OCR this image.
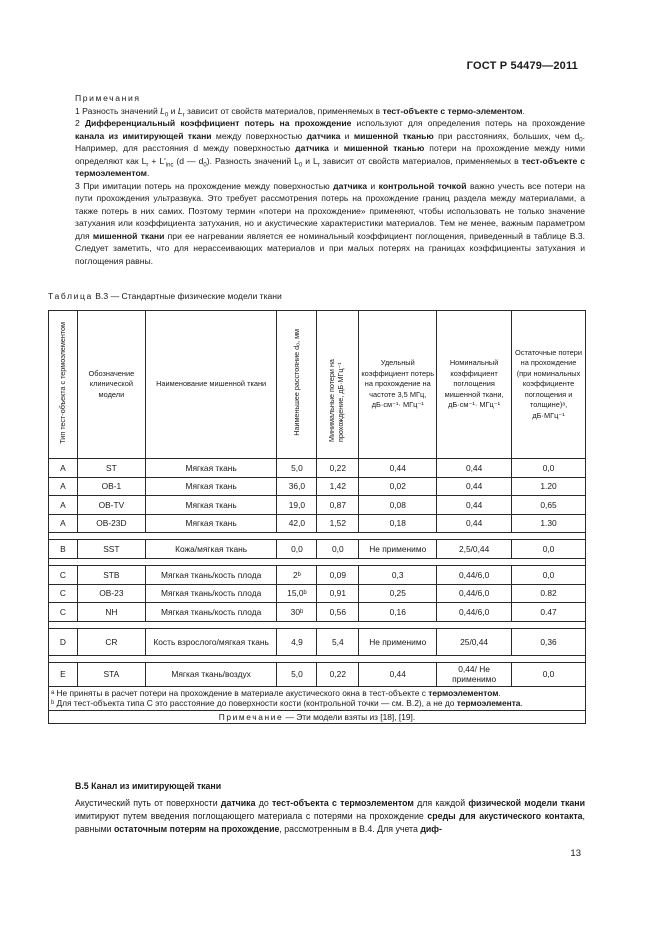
ГОСТ Р 54479—2011

Примечания

1 Разность значений $L_0$ и $L_r$ зависит от свойств материалов, применяемых в тест-объекте с термо-элементом.

2 Дифференциальный коэффициент потерь на прохождение используют для определения потерь на прохождение канала из имитирующей ткани между поверхностью датчика и мишенной тканью при расстояниях, больших, чем $d_0$. Например, для расстояния d между поверхностью датчика и мишенной тканью потери на прохождение между ними определяют как $L_r + L'_{inc}$ (d — $d_0$). Разность значений $L_0$ и $L_r$ зависит от свойств материалов, применяемых в тест-объекте с термоэлементом.

3 При имитации потерь на прохождение между поверхностью датчика и контрольной точкой важно учесть все потери на пути прохождения ультразвука. Это требует рассмотрения потерь на прохождение границ раздела между материалами, а также потерь в них самих. Поэтому термин «потери на прохождение» применяют, чтобы использовать не только значение затухания или коэффициента затухания, но и акустические характеристики материалов. Тем не менее, важным параметром для мишенной ткани при ее нагревании является ее номинальный коэффициент поглощения, приведенный в таблице В.3. Следует заметить, что для нерассеивающих материалов и при малых потерях на границах коэффициенты затухания и поглощения равны.

Таблица В.3 — Стандартные физические модели ткани
Тип тест-объекта с термоэлементом	Обозначение клинической модели	Наименование мишенной ткани	Наименьшее расстояние d₀, мм	Минимальные потери на прохождение, дБ·МГц⁻¹	Удельный коэффициент потерь на прохождение на частоте 3,5 МГц, дБ·см⁻¹· МГц⁻¹	Номинальный коэффициент поглощения мишенной ткани, дБ·см⁻¹· МГц⁻¹	Остаточные потери на прохождение (при номинальных коэффициенте поглощения и толщине)ᵃ, дБ·МГц⁻¹
A	ST	Мягкая ткань	5,0	0,22	0,44	0,44	0,0
A	OB-1	Мягкая ткань	36,0	1,42	0,02	0,44	1.20
A	OB-TV	Мягкая ткань	19,0	0,87	0,08	0,44	0,65
A	OB-23D	Мягкая ткань	42,0	1,52	0,18	0,44	1.30

B	SST	Кожа/мягкая ткань	0,0	0,0	Не применимо	2,5/0,44	0,0

C	STB	Мягкая ткань/кость плода	2ᵇ	0,09	0,3	0,44/6,0	0,0
C	OB-23	Мягкая ткань/кость плода	15,0ᵇ	0,91	0,25	0,44/6,0	0.82
C	NH	Мягкая ткань/кость плода	30ᵇ	0,56	0,16	0,44/6,0	0.47

D	CR	Кость взрослого/мягкая ткань	4,9	5,4	Не применимо	25/0,44	0,36

E	STA	Мягкая ткань/воздух	5,0	0,22	0,44	0,44/ Не применимо	0,0

ᵃ Не приняты в расчет потери на прохождение в материале акустического окна в тест-объекте с термоэлементом.

ᵇ Для тест-объекта типа С это расстояние до поверхности кости (контрольной точки — см. В.2), а не до термоэлемента.							

Примечание — Эти модели взяты из [18], [19].							
В.5 Канал из имитирующей ткани

Акустический путь от поверхности датчика до тест-объекта с термоэлементом для каждой физической модели ткани имитируют путем введения поглощающего материала с потерями на прохождение среды для акустического контакта, равными остаточным потерям на прохождение, рассмотренным в В.4. Для учета диф-

13
